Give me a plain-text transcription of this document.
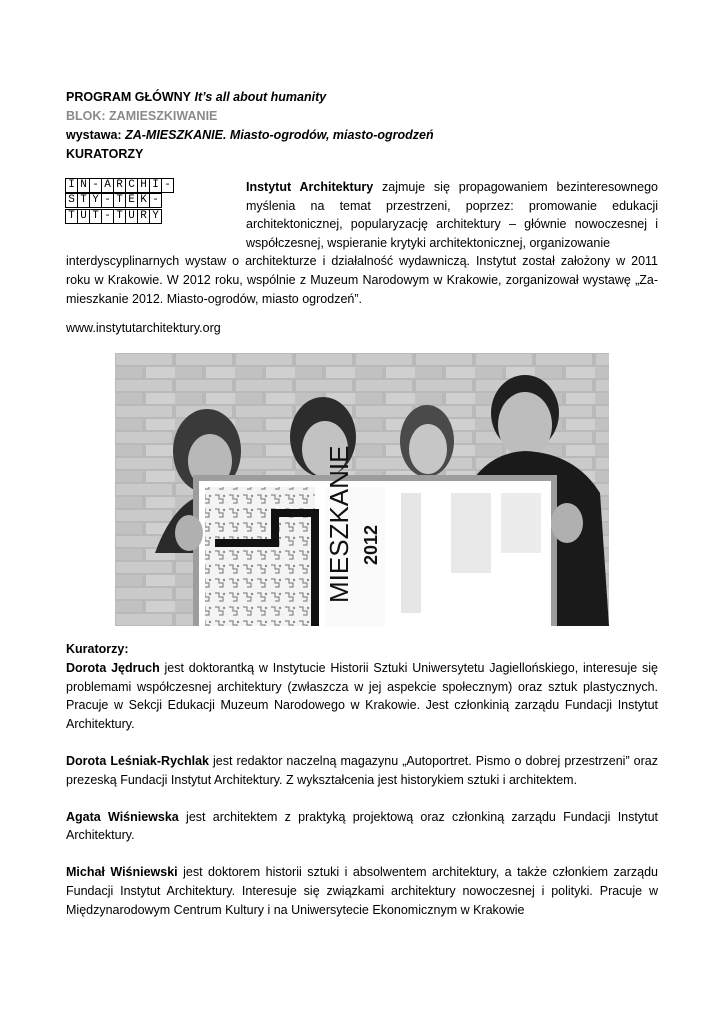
PROGRAM GŁÓWNY It’s all about humanity
BLOK: ZAMIESZKIWANIE
wystawa: ZA-MIESZKANIE. Miasto-ogrodów, miasto-ogrodzeń
KURATORZY
I N - A R C H I -
S T Y - T E K -
T U T - T U R Y

Instytut Architektury zajmuje się propagowaniem bezinteresownego myślenia na temat przestrzeni, poprzez: promowanie edukacji architektonicznej, popularyzację architektury – głównie nowoczesnej i współczesnej, wspieranie krytyki architektonicznej, organizowanie

interdyscyplinarnych wystaw o architekturze i działalność wydawniczą. Instytut został założony w 2011 roku w Krakowie. W 2012 roku, wspólnie z Muzeum Narodowym w Krakowie, zorganizował wystawę „Za-mieszkanie 2012. Miasto-ogrodów, miasto ogrodzeń”.

www.instytutarchitektury.org
MIESZKANIE 2012

Kuratorzy:

Dorota Jędruch jest doktorantką w Instytucie Historii Sztuki Uniwersytetu Jagiellońskiego, interesuje się problemami współczesnej architektury (zwłaszcza w jej aspekcie społecznym) oraz sztuk plastycznych. Pracuje w Sekcji Edukacji Muzeum Narodowego w Krakowie. Jest członkinią zarządu Fundacji Instytut Architektury.

Dorota Leśniak-Rychlak jest redaktor naczelną magazynu „Autoportret. Pismo o dobrej przestrzeni” oraz prezeską Fundacji Instytut Architektury. Z wykształcenia jest historykiem sztuki i architektem.

Agata Wiśniewska jest architektem z praktyką projektową oraz członkiną zarządu Fundacji Instytut Architektury.

Michał Wiśniewski jest doktorem historii sztuki i absolwentem architektury, a także członkiem zarządu Fundacji Instytut Architektury. Interesuje się związkami architektury nowoczesnej i polityki. Pracuje w Międzynarodowym Centrum Kultury i na Uniwersytecie Ekonomicznym w Krakowie
